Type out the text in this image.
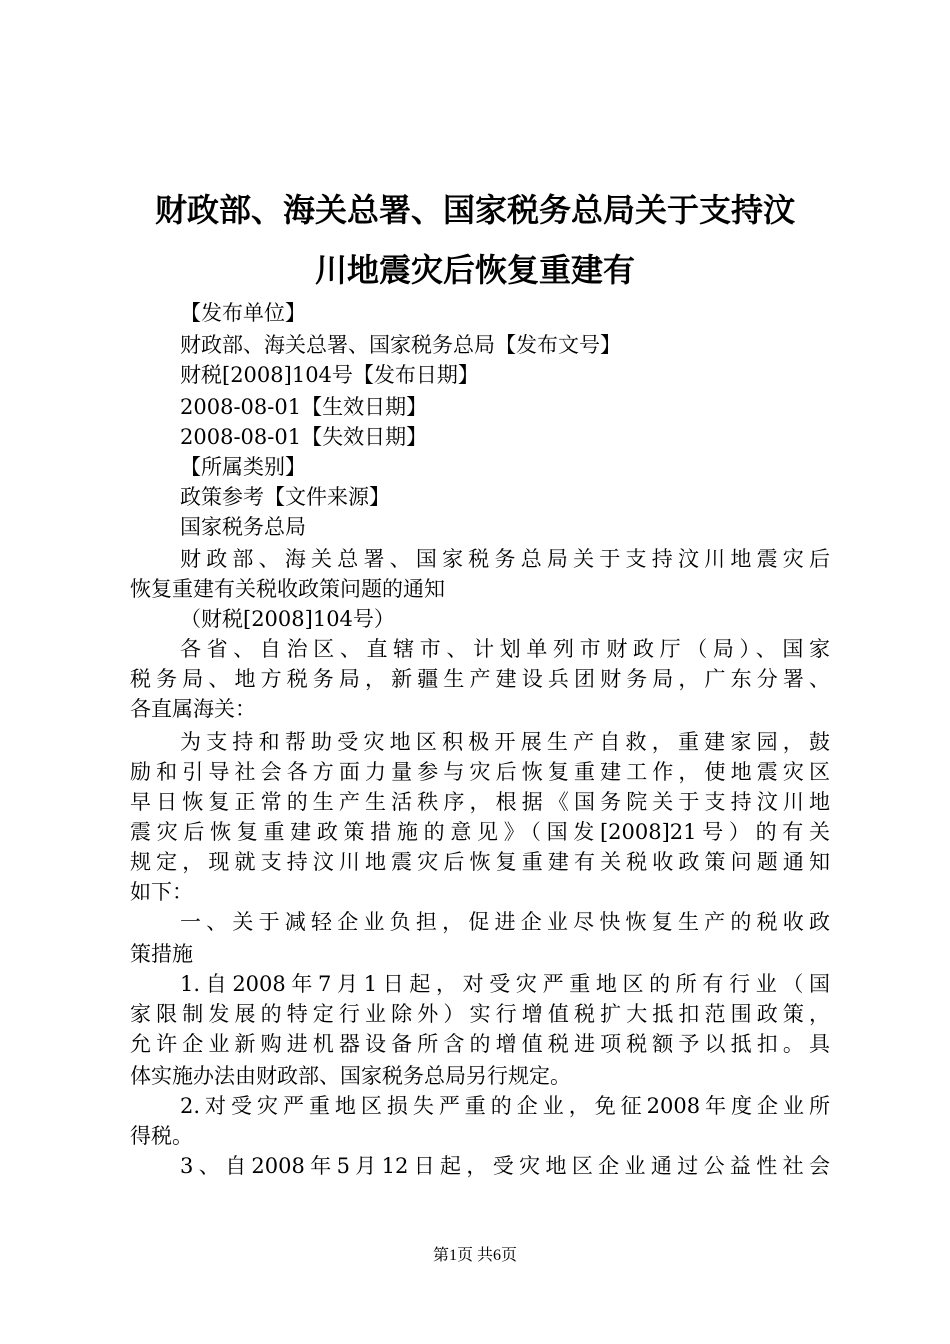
财政部、海关总署、国家税务总局关于支持汶
川地震灾后恢复重建有
【发布单位】
财政部、海关总署、国家税务总局【发布文号】
财税[2008]104号【发布日期】
2008-08-01【生效日期】
2008-08-01【失效日期】
【所属类别】
政策参考【文件来源】
国家税务总局
财政部、海关总署、国家税务总局关于支持汶川地震灾后
恢复重建有关税收政策问题的通知
（财税[2008]104号）
各省、自治区、直辖市、计划单列市财政厅（局）、国家
税务局、地方税务局，新疆生产建设兵团财务局，广东分署、
各直属海关：
为支持和帮助受灾地区积极开展生产自救，重建家园，鼓
励和引导社会各方面力量参与灾后恢复重建工作，使地震灾区
早日恢复正常的生产生活秩序，根据《国务院关于支持汶川地
震灾后恢复重建政策措施的意见》（国发[2008]21号）的有关
规定，现就支持汶川地震灾后恢复重建有关税收政策问题通知
如下：
一、关于减轻企业负担，促进企业尽快恢复生产的税收政
策措施
1.自2008年7月1日起，对受灾严重地区的所有行业（国
家限制发展的特定行业除外）实行增值税扩大抵扣范围政策，
允许企业新购进机器设备所含的增值税进项税额予以抵扣。具
体实施办法由财政部、国家税务总局另行规定。
2.对受灾严重地区损失严重的企业，免征2008年度企业所
得税。
3、自2008年5月12日起，受灾地区企业通过公益性社会
第1页 共6页
